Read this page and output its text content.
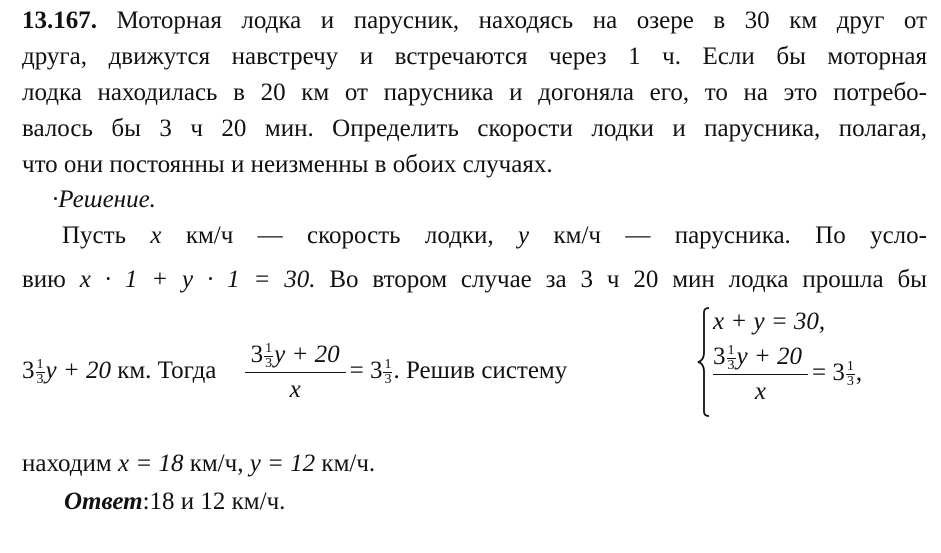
13.167. Моторная лодка и парусник, находясь на озере в 30 км друг от
друга, движутся навстречу и встречаются через 1 ч. Если бы моторная
лодка находилась в 20 км от парусника и догоняла его, то на это потребо-
валось бы 3 ч 20 мин. Определить скорости лодки и парусника, полагая,
что они постоянны и неизменны в обоих случаях.
·Решение.
Пусть x км/ч — скорость лодки, y км/ч — парусника. По усло-
вию x · 1 + y · 1 = 30. Во втором случае за 3 ч 20 мин лодка прошла бы
$3 \frac{1}{3}$ y + 20 км. Тогда $\frac{3 \frac{1}{3} y + 20}{x} = 3 \frac{1}{3}$ . Решив систему
x + y = 30,
$\frac{3 \frac{1}{3} y + 20}{x} = 3 \frac{1}{3}$ ,
находим x = 18 км/ч, y = 12 км/ч.
Ответ:18 и 12 км/ч.
